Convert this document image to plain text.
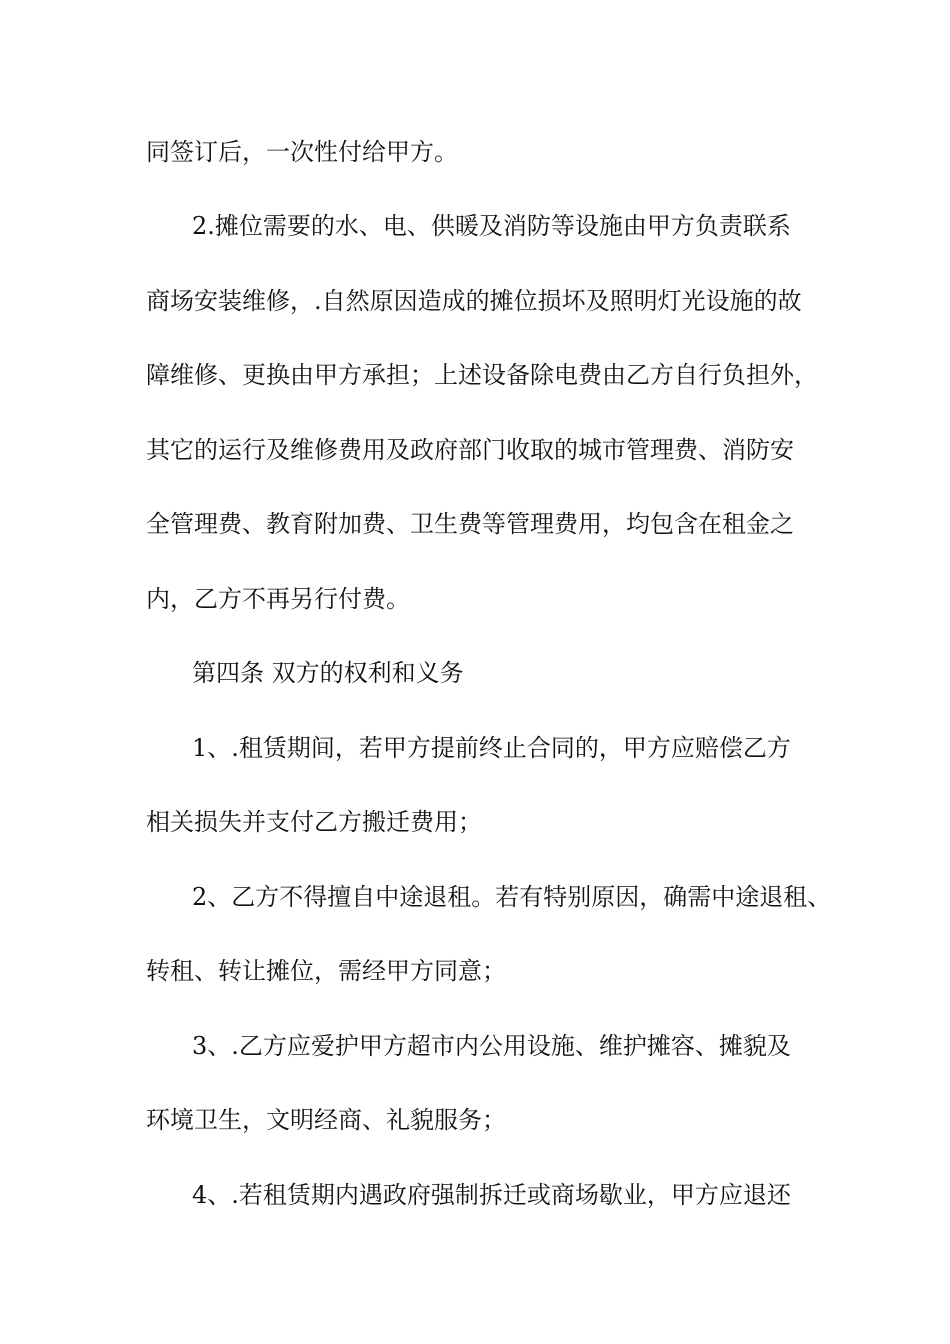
同签订后，一次性付给甲方。
2.摊位需要的水、电、供暖及消防等设施由甲方负责联系
商场安装维修，.自然原因造成的摊位损坏及照明灯光设施的故
障维修、更换由甲方承担；上述设备除电费由乙方自行负担外，
其它的运行及维修费用及政府部门收取的城市管理费、消防安
全管理费、教育附加费、卫生费等管理费用，均包含在租金之
内，乙方不再另行付费。
第四条 双方的权利和义务
1、.租赁期间，若甲方提前终止合同的，甲方应赔偿乙方
相关损失并支付乙方搬迁费用；
2、乙方不得擅自中途退租。若有特别原因，确需中途退租、
转租、转让摊位，需经甲方同意；
3、.乙方应爱护甲方超市内公用设施、维护摊容、摊貌及
环境卫生，文明经商、礼貌服务；
4、.若租赁期内遇政府强制拆迁或商场歇业，甲方应退还
